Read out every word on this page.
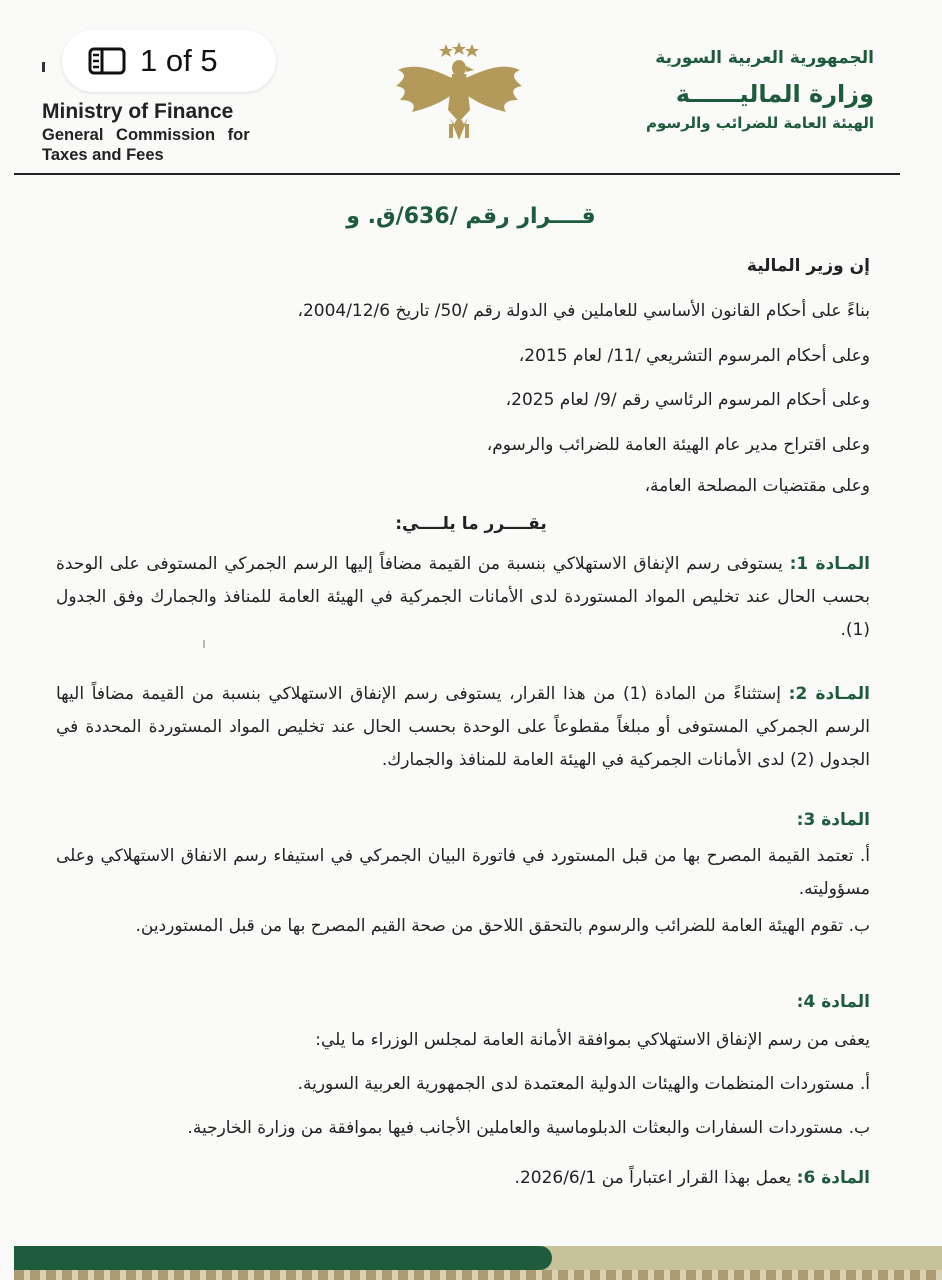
1 of 5
Ministry of Finance
General Commission for
Taxes and Fees
الجمهورية العربية السورية
وزارة الماليــــــة
الهيئة العامة للضرائب والرسوم
قــــرار رقم /636/ق. و
إن وزير المالية
بناءً على أحكام القانون الأساسي للعاملين في الدولة رقم /50/ تاريخ 2004/12/6،
وعلى أحكام المرسوم التشريعي /11/ لعام 2015،
وعلى أحكام المرسوم الرئاسي رقم /9/ لعام 2025،
وعلى اقتراح مدير عام الهيئة العامة للضرائب والرسوم،
وعلى مقتضيات المصلحة العامة،
يقــــرر ما يلــــي:
المـادة 1: يستوفى رسم الإنفاق الاستهلاكي بنسبة من القيمة مضافاً إليها الرسم الجمركي المستوفى على الوحدة بحسب الحال عند تخليص المواد المستوردة لدى الأمانات الجمركية في الهيئة العامة للمنافذ والجمارك وفق الجدول (1).
المـادة 2: إستثناءً من المادة (1) من هذا القرار، يستوفى رسم الإنفاق الاستهلاكي بنسبة من القيمة مضافاً اليها الرسم الجمركي المستوفى أو مبلغاً مقطوعاً على الوحدة بحسب الحال عند تخليص المواد المستوردة المحددة في الجدول (2) لدى الأمانات الجمركية في الهيئة العامة للمنافذ والجمارك.
المادة 3:
أ. تعتمد القيمة المصرح بها من قبل المستورد في فاتورة البيان الجمركي في استيفاء رسم الانفاق الاستهلاكي وعلى مسؤوليته.
ب. تقوم الهيئة العامة للضرائب والرسوم بالتحقق اللاحق من صحة القيم المصرح بها من قبل المستوردين.
المادة 4:
يعفى من رسم الإنفاق الاستهلاكي بموافقة الأمانة العامة لمجلس الوزراء ما يلي:
أ. مستوردات المنظمات والهيئات الدولية المعتمدة لدى الجمهورية العربية السورية.
ب. مستوردات السفارات والبعثات الدبلوماسية والعاملين الأجانب فيها بموافقة من وزارة الخارجية.
المادة 6: يعمل بهذا القرار اعتباراً من 2026/6/1.
